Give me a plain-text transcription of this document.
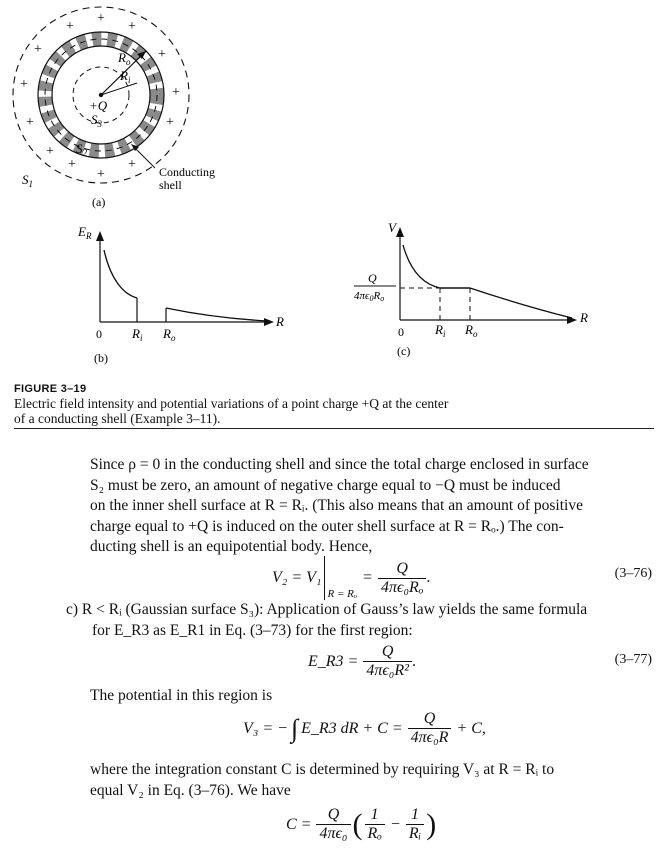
+
+	+
+	+
+
+
+	+
+
+
+
+
+Q
$S_3$
$R_i$
$R_o$
$S_2$
$S_1$
Conducting
shell
(a)
$E_R$
R
0 $R_i$ $R_o$
(b)
V
Q
4πϵ0Ro
R
0 $R_i$ $R_o$
(c)
FIGURE 3–19
Electric field intensity and potential variations of a point charge +Q at the center
of a conducting shell (Example 3–11).
Since ρ = 0 in the conducting shell and since the total charge enclosed in surface
S₂ must be zero, an amount of negative charge equal to −Q must be induced
on the inner shell surface at R = Rᵢ. (This also means that an amount of positive
charge equal to +Q is induced on the outer shell surface at R = Rₒ.) The con-
ducting shell is an equipotential body. Hence,
V₂ = V₁
R = Rₒ
= $\frac{Q}{\text{4πϵ₀Rₒ}}$ .	(3–76)
c) R < Rᵢ (Gaussian surface S₃): Application of Gauss’s law yields the same formula
for E_R3 as E_R1 in Eq. (3–73) for the first region:
E_R3 = $\frac{Q}{\text{4πϵ₀R²}}$ .	(3–77)
The potential in this region is
V₃ = − ∫ E_R3 dR + $C = \frac{Q}{\text{4πϵ₀R}} + C$,
where the integration constant C is determined by requiring V₃ at R = Rᵢ to
equal V₂ in Eq. (3–76). We have
$C = \frac{Q}{\text{4πϵ₀}}$ ( $\frac{1}{\text{Rₒ}} - \frac{1}{\text{Rᵢ}}$ )
